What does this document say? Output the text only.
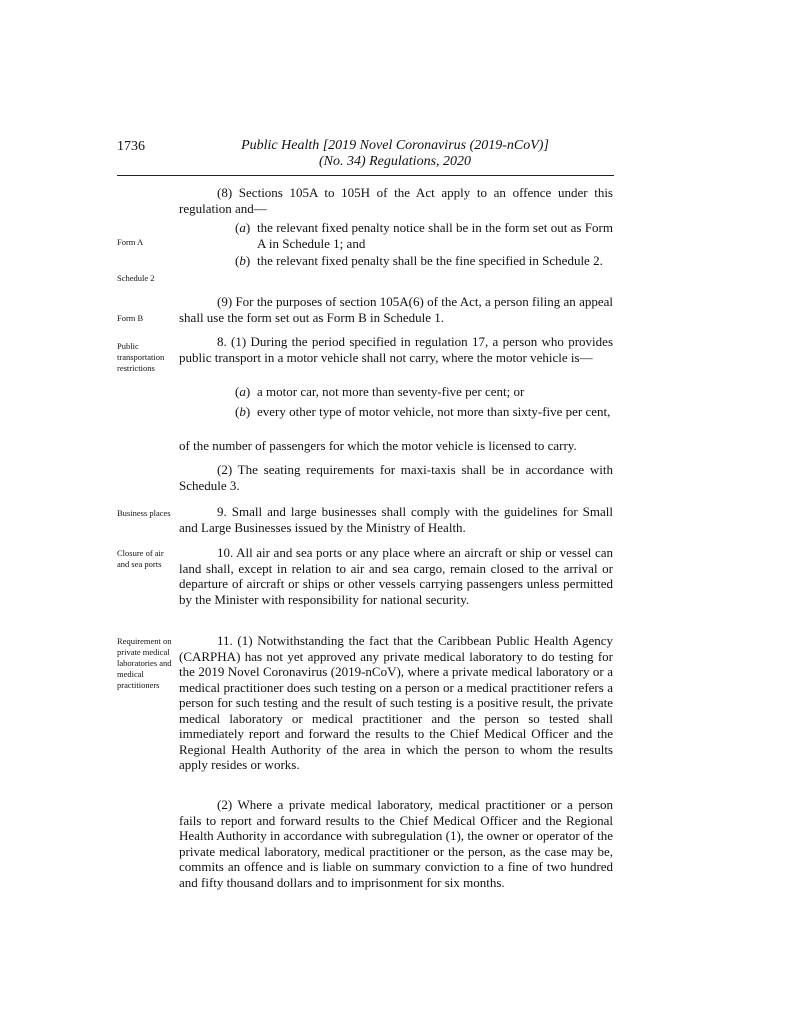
1736	Public Health [2019 Novel Coronavirus (2019-nCoV)]
(No. 34) Regulations, 2020
Form A
Schedule 2
Form B
Public transportation restrictions
Business places
Closure of air and sea ports
Requirement on private medical laboratories and medical practitioners
(8) Sections 105A to 105H of the Act apply to an offence under this regulation and—
( a ) the relevant fixed penalty notice shall be in the form set out as Form A in Schedule 1; and
( b ) the relevant fixed penalty shall be the fine specified in Schedule 2.
(9) For the purposes of section 105A(6) of the Act, a person filing an appeal shall use the form set out as Form B in Schedule 1.
8. (1) During the period specified in regulation 17, a person who provides public transport in a motor vehicle shall not carry, where the motor vehicle is—
( a ) a motor car, not more than seventy-five per cent; or
( b ) every other type of motor vehicle, not more than sixty-five per cent,
of the number of passengers for which the motor vehicle is licensed to carry.
(2) The seating requirements for maxi-taxis shall be in accordance with Schedule 3.
9. Small and large businesses shall comply with the guidelines for Small and Large Businesses issued by the Ministry of Health.
10. All air and sea ports or any place where an aircraft or ship or vessel can land shall, except in relation to air and sea cargo, remain closed to the arrival or departure of aircraft or ships or other vessels carrying passengers unless permitted by the Minister with responsibility for national security.
11. (1) Notwithstanding the fact that the Caribbean Public Health Agency (CARPHA) has not yet approved any private medical laboratory to do testing for the 2019 Novel Coronavirus (2019-nCoV), where a private medical laboratory or a medical practitioner does such testing on a person or a medical practitioner refers a person for such testing and the result of such testing is a positive result, the private medical laboratory or medical practitioner and the person so tested shall immediately report and forward the results to the Chief Medical Officer and the Regional Health Authority of the area in which the person to whom the results apply resides or works.
(2) Where a private medical laboratory, medical practitioner or a person fails to report and forward results to the Chief Medical Officer and the Regional Health Authority in accordance with subregulation (1), the owner or operator of the private medical laboratory, medical practitioner or the person, as the case may be, commits an offence and is liable on summary conviction to a fine of two hundred and fifty thousand dollars and to imprisonment for six months.
